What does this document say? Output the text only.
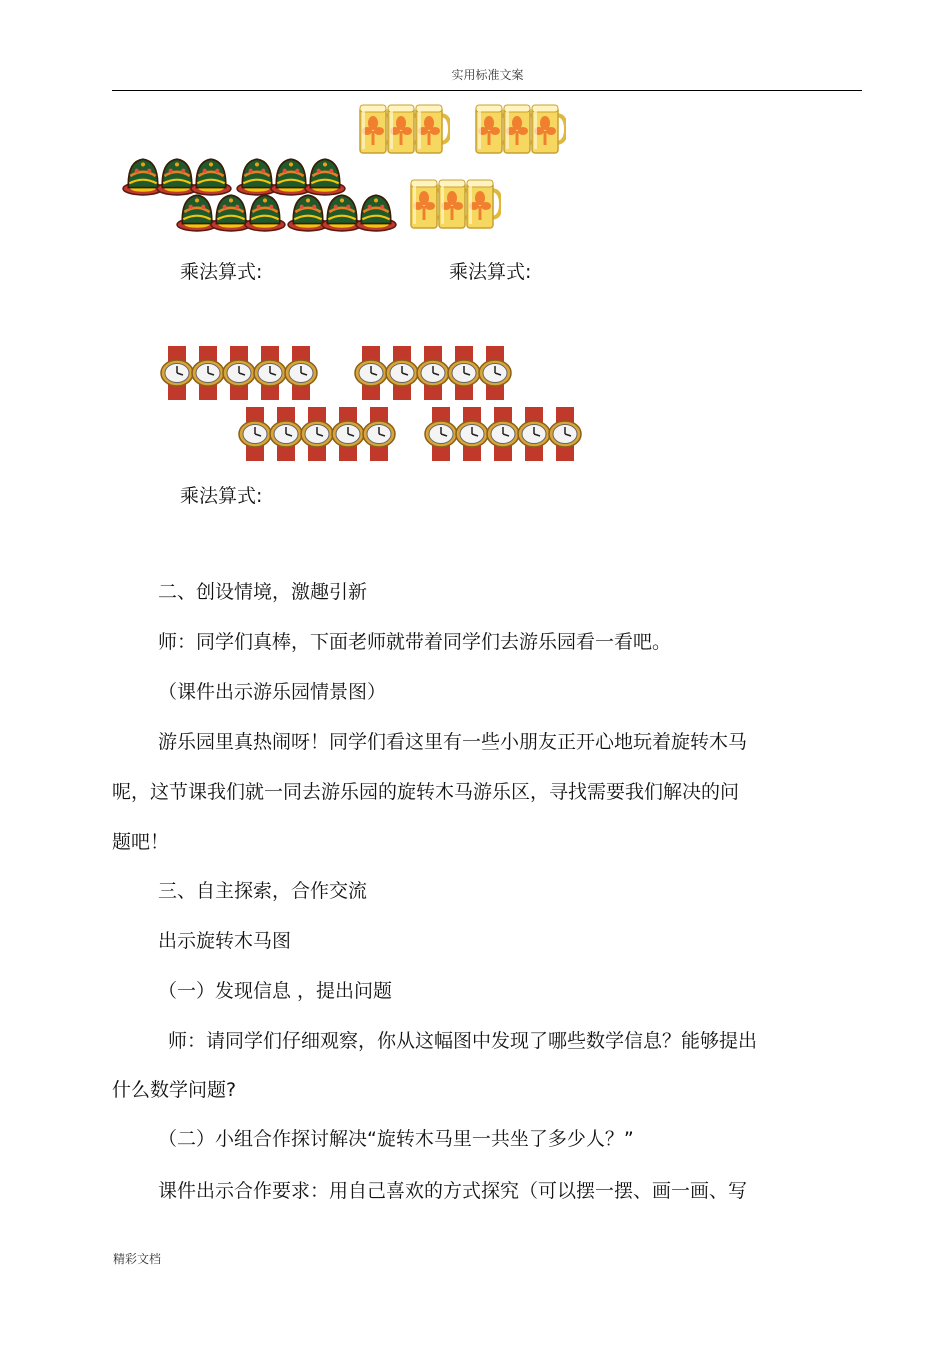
实用标准文案
乘法算式:	乘法算式:
乘法算式:
二、创设情境，激趣引新
师：同学们真棒，下面老师就带着同学们去游乐园看一看吧。
（课件出示游乐园情景图）
游乐园里真热闹呀！同学们看这里有一些小朋友正开心地玩着旋转木马
呢，这节课我们就一同去游乐园的旋转木马游乐区，寻找需要我们解决的问
题吧！
三、自主探索，合作交流
出示旋转木马图
（一）发现信息 ，提出问题
师：请同学们仔细观察，你从这幅图中发现了哪些数学信息？能够提出
什么数学问题?
（二）小组合作探讨解决“旋转木马里一共坐了多少人？”
课件出示合作要求：用自己喜欢的方式探究（可以摆一摆、画一画、写
精彩文档
